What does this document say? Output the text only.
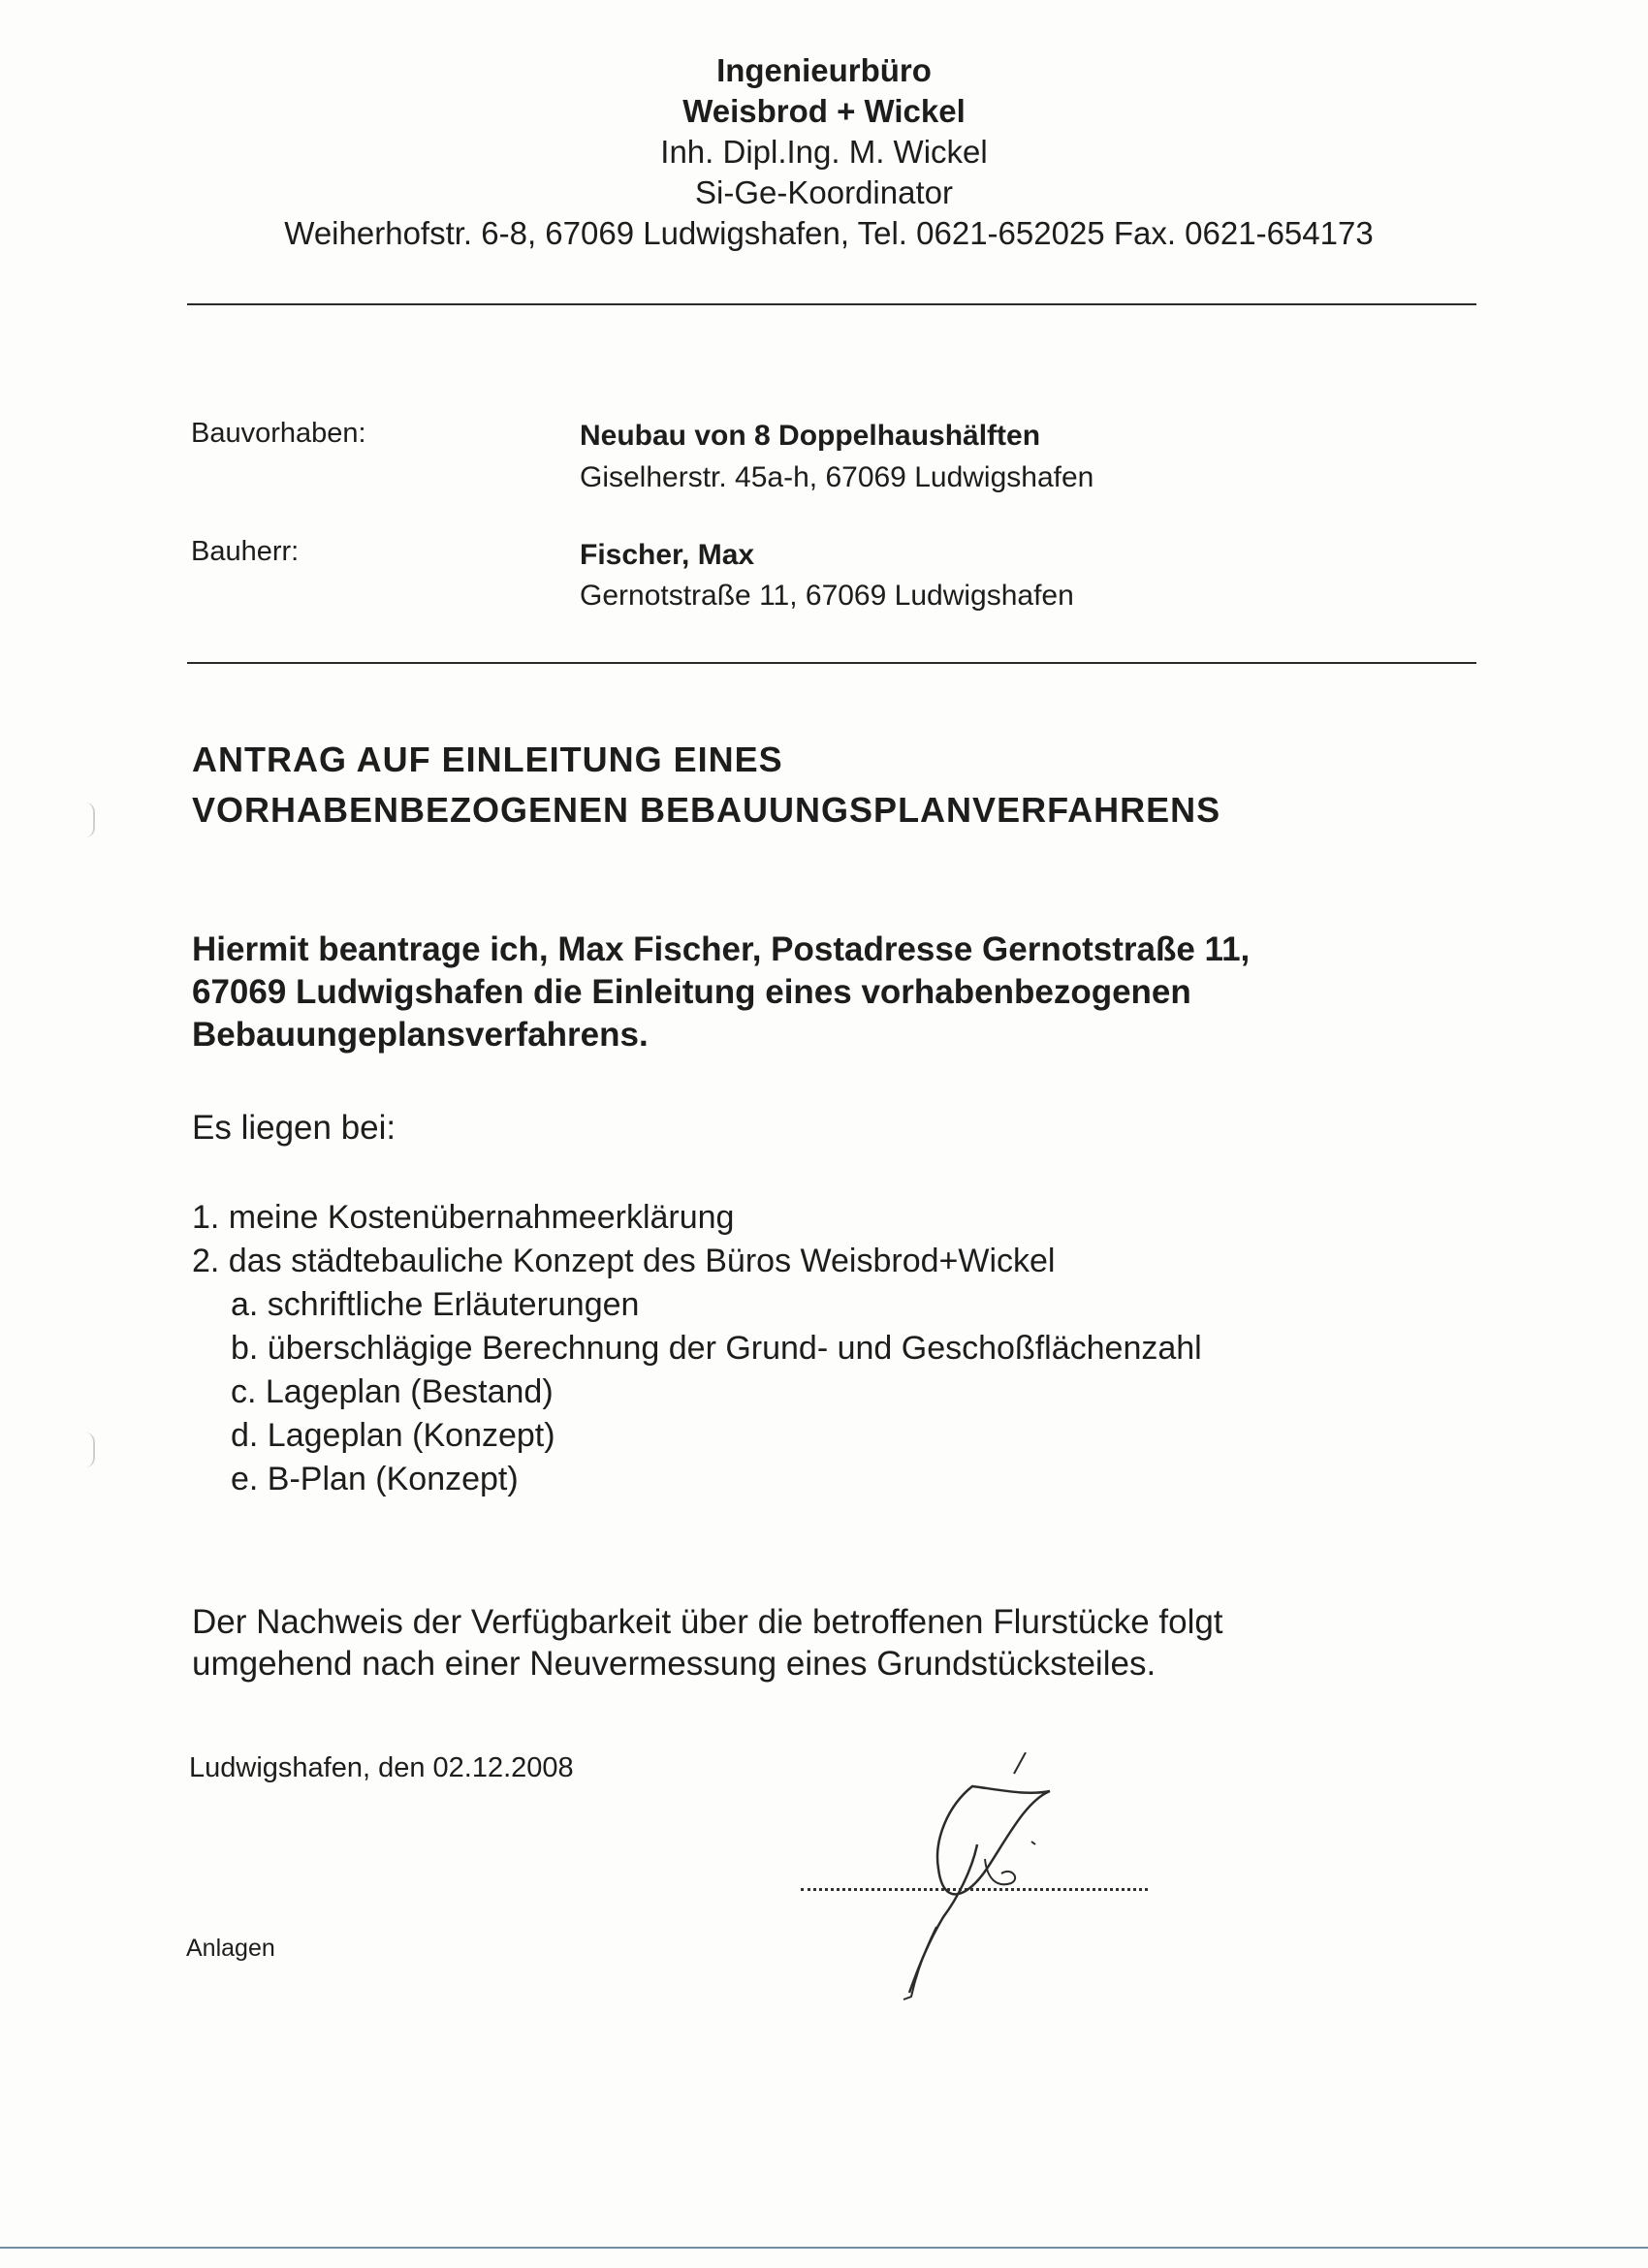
Ingenieurbüro
Weisbrod + Wickel
Inh. Dipl.Ing. M. Wickel
Si-Ge-Koordinator
Weiherhofstr. 6-8, 67069 Ludwigshafen, Tel. 0621-652025 Fax. 0621-654173
Bauvorhaben:	Neubau von 8 Doppelhaushälften
Giselherstr. 45a-h, 67069 Ludwigshafen
Bauherr:	Fischer, Max
Gernotstraße 11, 67069 Ludwigshafen
ANTRAG AUF EINLEITUNG EINES
VORHABENBEZOGENEN BEBAUUNGSPLANVERFAHRENS
Hiermit beantrage ich, Max Fischer, Postadresse Gernotstraße 11,
67069 Ludwigshafen die Einleitung eines vorhabenbezogenen
Bebauungeplansverfahrens.
Es liegen bei:
1. meine Kostenübernahmeerklärung
2. das städtebauliche Konzept des Büros Weisbrod+Wickel
a. schriftliche Erläuterungen
b. überschlägige Berechnung der Grund- und Geschoßflächenzahl
c. Lageplan (Bestand)
d. Lageplan (Konzept)
e. B-Plan (Konzept)
Der Nachweis der Verfügbarkeit über die betroffenen Flurstücke folgt
umgehend nach einer Neuvermessung eines Grundstücksteiles.
Ludwigshafen, den 02.12.2008
Anlagen
